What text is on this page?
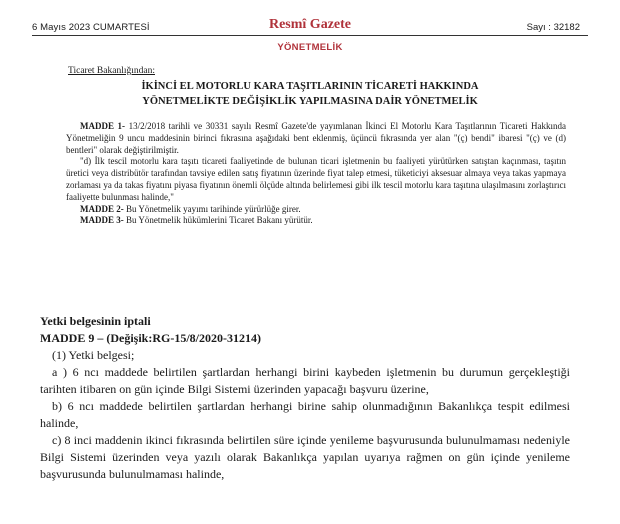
6 Mayıs 2023 CUMARTESİ	Resmî Gazete	Sayı : 32182
YÖNETMELİK
Ticaret Bakanlığından:
İKİNCİ EL MOTORLU KARA TAŞITLARININ TİCARETİ HAKKINDA
YÖNETMELİKTE DEĞİŞİKLİK YAPILMASINA DAİR YÖNETMELİK

MADDE 1- 13/2/2018 tarihli ve 30331 sayılı Resmî Gazete'de yayımlanan İkinci El Motorlu Kara Taşıtlarının Ticareti Hakkında Yönetmeliğin 9 uncu maddesinin birinci fıkrasına aşağıdaki bent eklenmiş, üçüncü fıkrasında yer alan "(ç) bendi" ibaresi "(ç) ve (d) bentleri" olarak değiştirilmiştir.

"d) İlk tescil motorlu kara taşıtı ticareti faaliyetinde de bulunan ticari işletmenin bu faaliyeti yürütürken satıştan kaçınması, taşıtın üretici veya distribütör tarafından tavsiye edilen satış fiyatının üzerinde fiyat talep etmesi, tüketiciyi aksesuar almaya veya takas yapmaya zorlaması ya da takas fiyatını piyasa fiyatının önemli ölçüde altında belirlemesi gibi ilk tescil motorlu kara taşıtına ulaşılmasını zorlaştırıcı faaliyette bulunması halinde,"

MADDE 2- Bu Yönetmelik yayımı tarihinde yürürlüğe girer.

MADDE 3- Bu Yönetmelik hükümlerini Ticaret Bakanı yürütür.

Yetki belgesinin iptali

MADDE 9 – (Değişik:RG-15/8/2020-31214)

(1) Yetki belgesi;

a ) 6 ncı maddede belirtilen şartlardan herhangi birini kaybeden işletmenin bu durumun gerçekleştiği tarihten itibaren on gün içinde Bilgi Sistemi üzerinden yapacağı başvuru üzerine,

b) 6 ncı maddede belirtilen şartlardan herhangi birine sahip olunmadığının Bakanlıkça tespit edilmesi halinde,

c) 8 inci maddenin ikinci fıkrasında belirtilen süre içinde yenileme başvurusunda bulunulmaması nedeniyle Bilgi Sistemi üzerinden veya yazılı olarak Bakanlıkça yapılan uyarıya rağmen on gün içinde yenileme başvurusunda bulunulmaması halinde,
